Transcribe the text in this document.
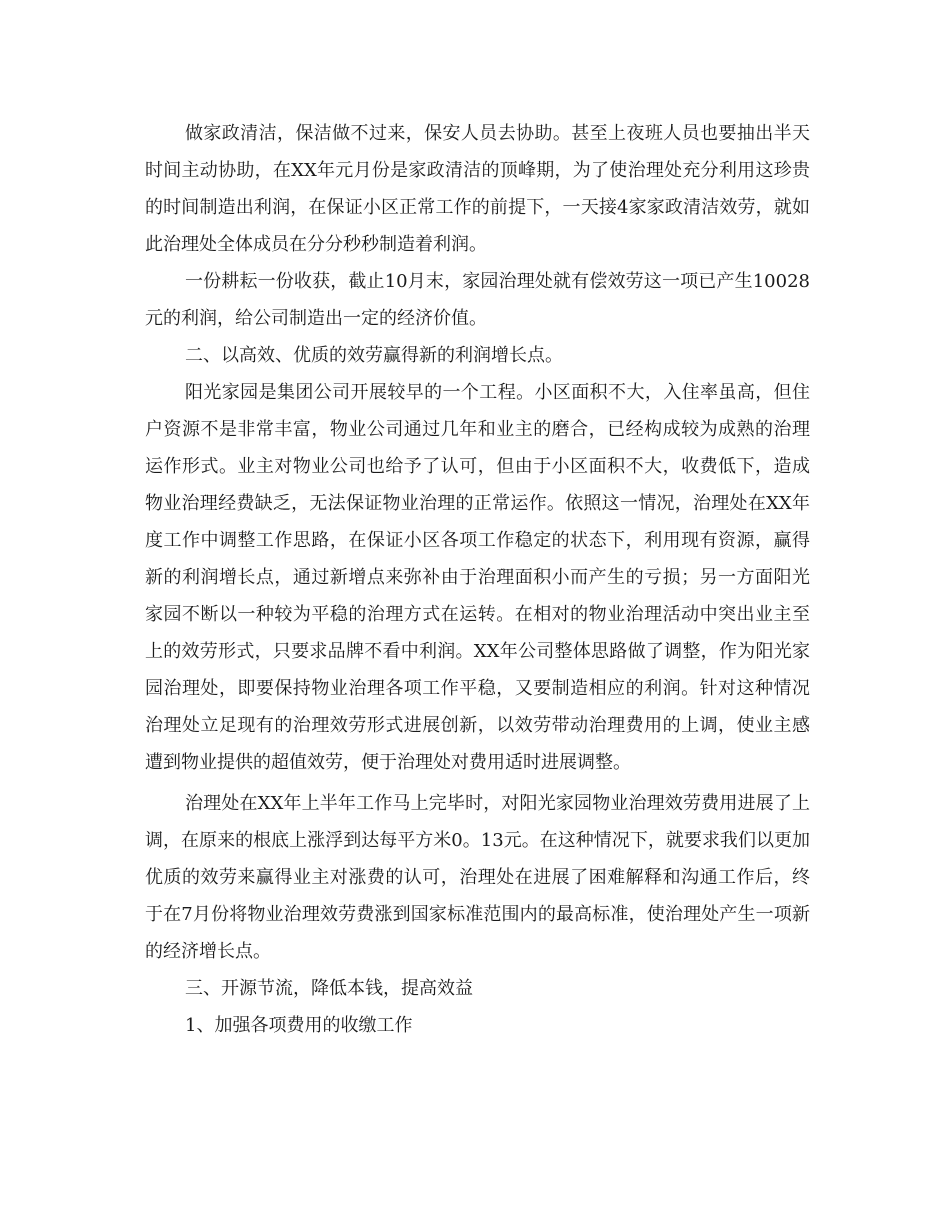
做家政清洁，保洁做不过来，保安人员去协助。甚至上夜班人员也要抽出半天时间主动协助，在XX年元月份是家政清洁的顶峰期，为了使治理处充分利用这珍贵的时间制造出利润，在保证小区正常工作的前提下，一天接4家家政清洁效劳，就如此治理处全体成员在分分秒秒制造着利润。

一份耕耘一份收获，截止10月末，家园治理处就有偿效劳这一项已产生10028元的利润，给公司制造出一定的经济价值。

二、以高效、优质的效劳赢得新的利润增长点。

阳光家园是集团公司开展较早的一个工程。小区面积不大，入住率虽高，但住户资源不是非常丰富，物业公司通过几年和业主的磨合，已经构成较为成熟的治理运作形式。业主对物业公司也给予了认可，但由于小区面积不大，收费低下，造成物业治理经费缺乏，无法保证物业治理的正常运作。依照这一情况，治理处在XX年度工作中调整工作思路，在保证小区各项工作稳定的状态下，利用现有资源，赢得新的利润增长点，通过新增点来弥补由于治理面积小而产生的亏损；另一方面阳光家园不断以一种较为平稳的治理方式在运转。在相对的物业治理活动中突出业主至上的效劳形式，只要求品牌不看中利润。XX年公司整体思路做了调整，作为阳光家园治理处，即要保持物业治理各项工作平稳，又要制造相应的利润。针对这种情况治理处立足现有的治理效劳形式进展创新，以效劳带动治理费用的上调，使业主感遭到物业提供的超值效劳，便于治理处对费用适时进展调整。

治理处在XX年上半年工作马上完毕时，对阳光家园物业治理效劳费用进展了上调，在原来的根底上涨浮到达每平方米0。13元。在这种情况下，就要求我们以更加优质的效劳来赢得业主对涨费的认可，治理处在进展了困难解释和沟通工作后，终于在7月份将物业治理效劳费涨到国家标准范围内的最高标准，使治理处产生一项新的经济增长点。

三、开源节流，降低本钱，提高效益

1、加强各项费用的收缴工作
